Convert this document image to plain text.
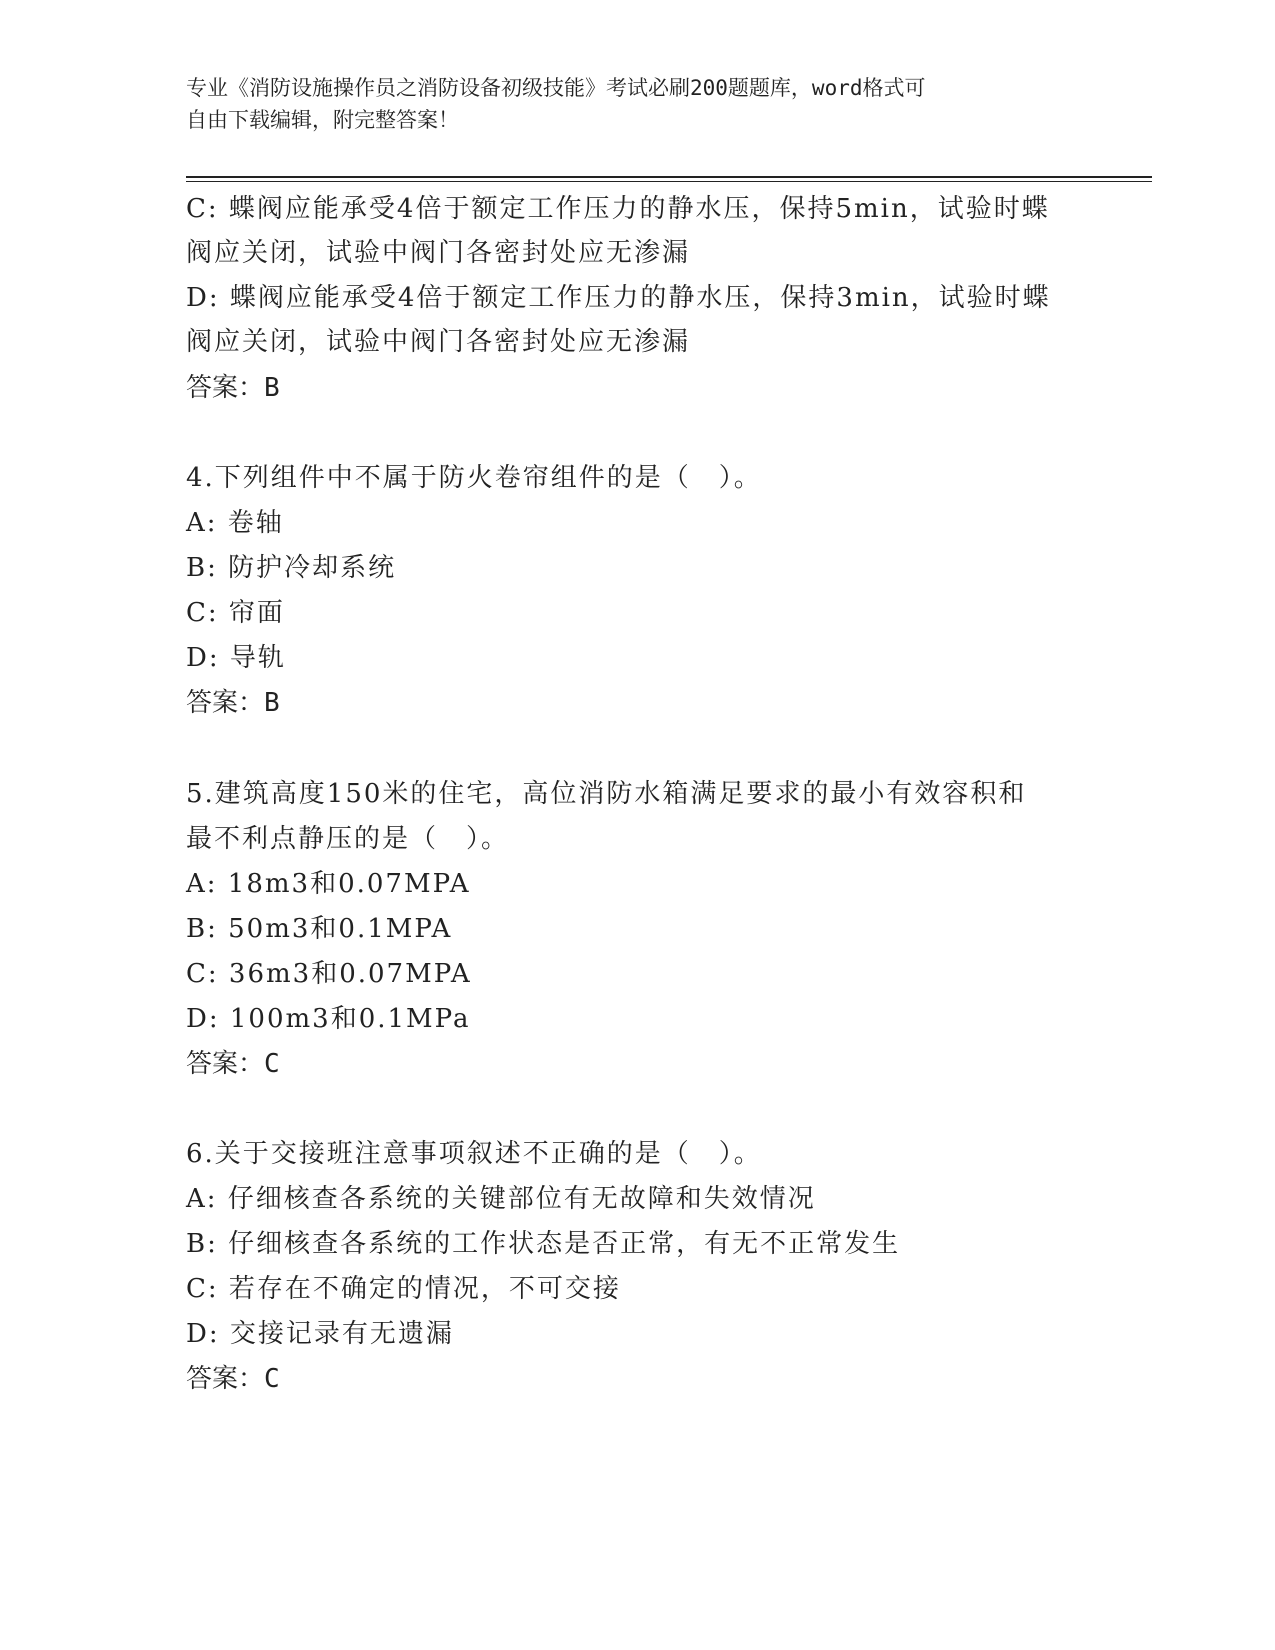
专业《消防设施操作员之消防设备初级技能》考试必刷200题题库，word格式可
自由下载编辑，附完整答案！
C: 蝶阀应能承受4倍于额定工作压力的静水压，保持5min，试验时蝶
阀应关闭，试验中阀门各密封处应无渗漏
D: 蝶阀应能承受4倍于额定工作压力的静水压，保持3min，试验时蝶
阀应关闭，试验中阀门各密封处应无渗漏
答案：B
4.下列组件中不属于防火卷帘组件的是（　）。
A: 卷轴
B: 防护冷却系统
C: 帘面
D: 导轨
答案：B
5.建筑高度150米的住宅，高位消防水箱满足要求的最小有效容积和
最不利点静压的是（　）。
A: 18m3和0.07MPA
B: 50m3和0.1MPA
C: 36m3和0.07MPA
D: 100m3和0.1MPa
答案：C
6.关于交接班注意事项叙述不正确的是（　）。
A: 仔细核查各系统的关键部位有无故障和失效情况
B: 仔细核查各系统的工作状态是否正常，有无不正常发生
C: 若存在不确定的情况，不可交接
D: 交接记录有无遗漏
答案：C
